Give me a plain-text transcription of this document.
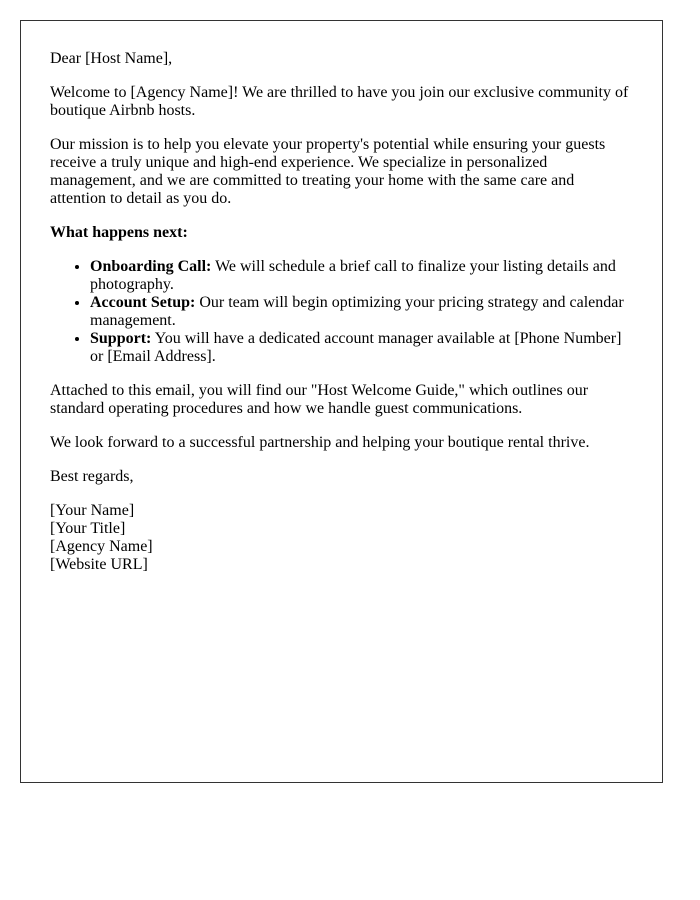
Dear [Host Name],

Welcome to [Agency Name]! We are thrilled to have you join our exclusive community of boutique Airbnb hosts.

Our mission is to help you elevate your property's potential while ensuring your guests receive a truly unique and high-end experience. We specialize in personalized management, and we are committed to treating your home with the same care and attention to detail as you do.

What happens next:

• Onboarding Call: We will schedule a brief call to finalize your listing details and photography.
• Account Setup: Our team will begin optimizing your pricing strategy and calendar management.
• Support: You will have a dedicated account manager available at [Phone Number] or [Email Address].

Attached to this email, you will find our "Host Welcome Guide," which outlines our standard operating procedures and how we handle guest communications.

We look forward to a successful partnership and helping your boutique rental thrive.

Best regards,

[Your Name]

[Your Title]

[Agency Name]

[Website URL]
